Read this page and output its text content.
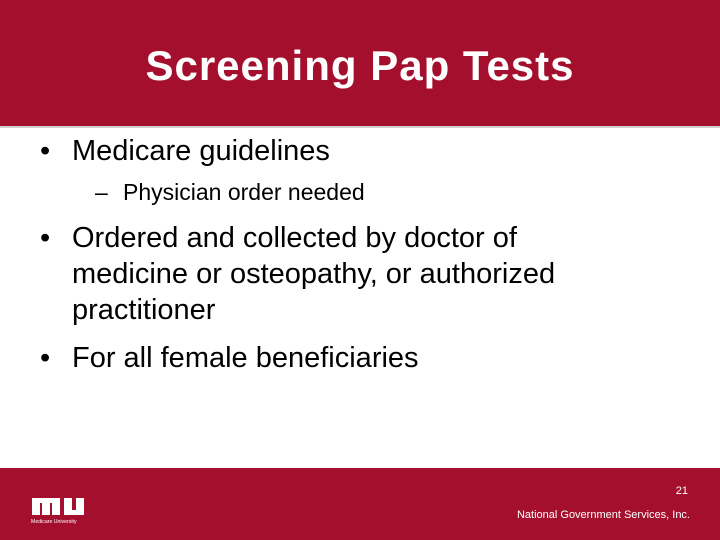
Screening Pap Tests
• Medicare guidelines
– Physician order needed
• Ordered and collected by doctor of
medicine or osteopathy, or authorized
practitioner
• For all female beneficiaries
Medicare University
21
National Government Services, Inc.
